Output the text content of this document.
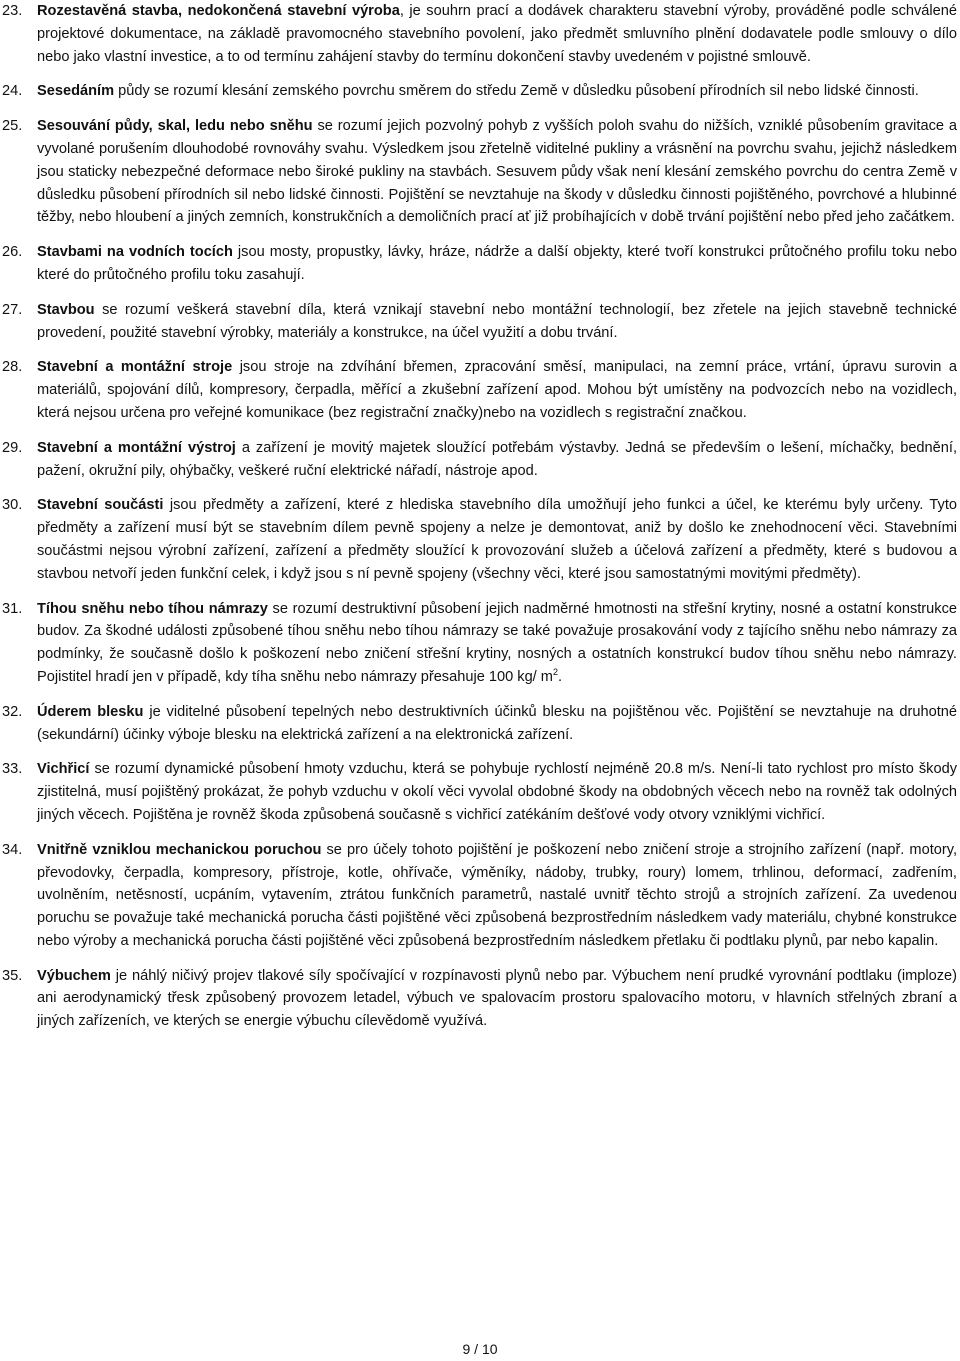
23.	Rozestavěná stavba, nedokončená stavební výroba, je souhrn prací a dodávek charakteru stavební výroby, prováděné podle schválené projektové dokumentace, na základě pravomocného stavebního povolení, jako předmět smluvního plnění dodavatele podle smlouvy o dílo nebo jako vlastní investice, a to od termínu zahájení stavby do termínu dokončení stavby uvedeném v pojistné smlouvě.
24.	Sesedáním půdy se rozumí klesání zemského povrchu směrem do středu Země v důsledku působení přírodních sil nebo lidské činnosti.
25.	Sesouvání půdy, skal, ledu nebo sněhu se rozumí jejich pozvolný pohyb z vyšších poloh svahu do nižších, vzniklé působením gravitace a vyvolané porušením dlouhodobé rovnováhy svahu. Výsledkem jsou zřetelně viditelné pukliny a vrásnění na povrchu svahu, jejichž následkem jsou staticky nebezpečné deformace nebo široké pukliny na stavbách. Sesuvem půdy však není klesání zemského povrchu do centra Země v důsledku působení přírodních sil nebo lidské činnosti. Pojištění se nevztahuje na škody v důsledku činnosti pojištěného, povrchové a hlubinné těžby, nebo hloubení a jiných zemních, konstrukčních a demoličních prací ať již probíhajících v době trvání pojištění nebo před jeho začátkem.
26.	Stavbami na vodních tocích jsou mosty, propustky, lávky, hráze, nádrže a další objekty, které tvoří konstrukci průtočného profilu toku nebo které do průtočného profilu toku zasahují.
27.	Stavbou se rozumí veškerá stavební díla, která vznikají stavební nebo montážní technologií, bez zřetele na jejich stavebně technické provedení, použité stavební výrobky, materiály a konstrukce, na účel využití a dobu trvání.
28.	Stavební a montážní stroje jsou stroje na zdvíhání břemen, zpracování směsí, manipulaci, na zemní práce, vrtání, úpravu surovin a materiálů, spojování dílů, kompresory, čerpadla, měřící a zkušební zařízení apod. Mohou být umístěny na podvozcích nebo na vozidlech, která nejsou určena pro veřejné komunikace (bez registrační značky)nebo na vozidlech s registrační značkou.
29.	Stavební a montážní výstroj a zařízení je movitý majetek sloužící potřebám výstavby. Jedná se především o lešení, míchačky, bednění, pažení, okružní pily, ohýbačky, veškeré ruční elektrické nářadí, nástroje apod.
30.	Stavební součásti jsou předměty a zařízení, které z hlediska stavebního díla umožňují jeho funkci a účel, ke kterému byly určeny. Tyto předměty a zařízení musí být se stavebním dílem pevně spojeny a nelze je demontovat, aniž by došlo ke znehodnocení věci. Stavebními součástmi nejsou výrobní zařízení, zařízení a předměty sloužící k provozování služeb a účelová zařízení a předměty, které s budovou a stavbou netvoří jeden funkční celek, i když jsou s ní pevně spojeny (všechny věci, které jsou samostatnými movitými předměty).
31.	Tíhou sněhu nebo tíhou námrazy se rozumí destruktivní působení jejich nadměrné hmotnosti na střešní krytiny, nosné a ostatní konstrukce budov. Za škodné události způsobené tíhou sněhu nebo tíhou námrazy se také považuje prosakování vody z tajícího sněhu nebo námrazy za podmínky, že současně došlo k poškození nebo zničení střešní krytiny, nosných a ostatních konstrukcí budov tíhou sněhu nebo námrazy. Pojistitel hradí jen v případě, kdy tíha sněhu nebo námrazy přesahuje 100 kg/ $m^2$.
32.	Úderem blesku je viditelné působení tepelných nebo destruktivních účinků blesku na pojištěnou věc. Pojištění se nevztahuje na druhotné (sekundární) účinky výboje blesku na elektrická zařízení a na elektronická zařízení.
33.	Vichřicí se rozumí dynamické působení hmoty vzduchu, která se pohybuje rychlostí nejméně 20.8 m/s. Není-li tato rychlost pro místo škody zjistitelná, musí pojištěný prokázat, že pohyb vzduchu v okolí věci vyvolal obdobné škody na obdobných věcech nebo na rovněž tak odolných jiných věcech. Pojištěna je rovněž škoda způsobená současně s vichřicí zatékáním dešťové vody otvory vzniklými vichřicí.
34.	Vnitřně vzniklou mechanickou poruchou se pro účely tohoto pojištění je poškození nebo zničení stroje a strojního zařízení (např. motory, převodovky, čerpadla, kompresory, přístroje, kotle, ohřívače, výměníky, nádoby, trubky, roury) lomem, trhlinou, deformací, zadřením, uvolněním, netěsností, ucpáním, vytavením, ztrátou funkčních parametrů, nastalé uvnitř těchto strojů a strojních zařízení. Za uvedenou poruchu se považuje také mechanická porucha části pojištěné věci způsobená bezprostředním následkem vady materiálu, chybné konstrukce nebo výroby a mechanická porucha části pojištěné věci způsobená bezprostředním následkem přetlaku či podtlaku plynů, par nebo kapalin.
35.	Výbuchem je náhlý ničivý projev tlakové síly spočívající v rozpínavosti plynů nebo par. Výbuchem není prudké vyrovnání podtlaku (imploze) ani aerodynamický třesk způsobený provozem letadel, výbuch ve spalovacím prostoru spalovacího motoru, v hlavních střelných zbraní a jiných zařízeních, ve kterých se energie výbuchu cílevědomě využívá.
9 / 10
